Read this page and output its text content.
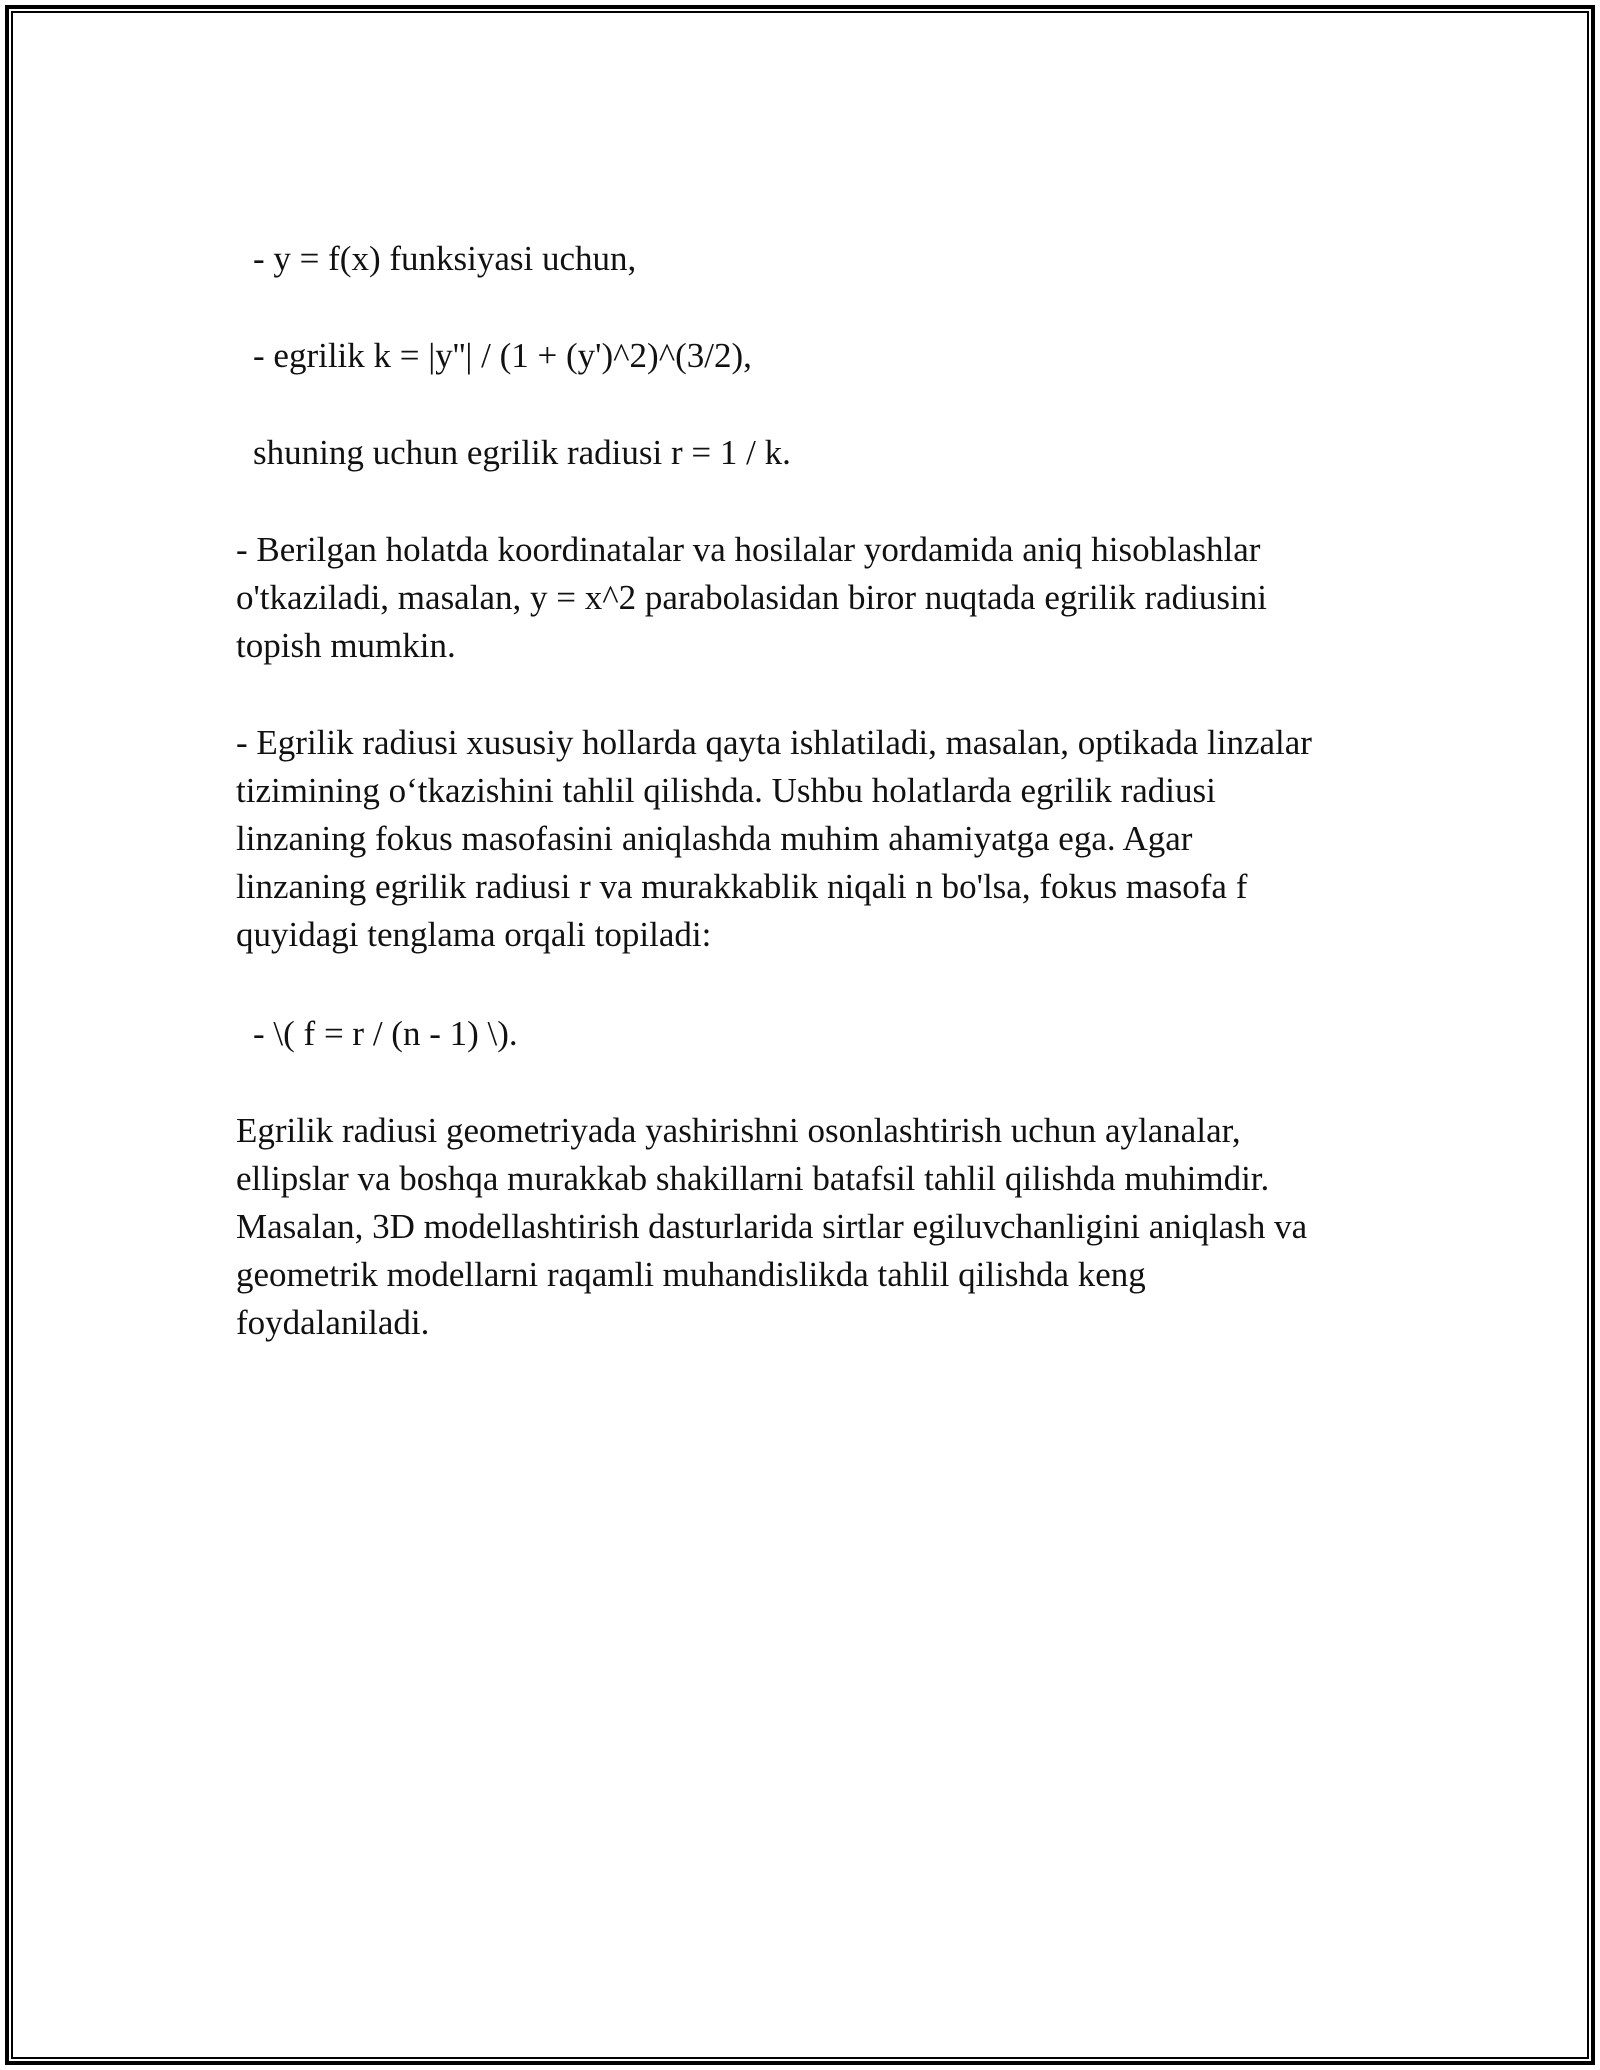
- y = f(x) funksiyasi uchun,
- egrilik k = |y''| / (1 + (y')^2)^(3/2),
shuning uchun egrilik radiusi r = 1 / k.
- Berilgan holatda koordinatalar va hosilalar yordamida aniq hisoblashlar
o'tkaziladi, masalan, y = x^2 parabolasidan biror nuqtada egrilik radiusini
topish mumkin.
- Egrilik radiusi xususiy hollarda qayta ishlatiladi, masalan, optikada linzalar
tizimining o‘tkazishini tahlil qilishda. Ushbu holatlarda egrilik radiusi
linzaning fokus masofasini aniqlashda muhim ahamiyatga ega. Agar
linzaning egrilik radiusi r va murakkablik niqali n bo'lsa, fokus masofa f
quyidagi tenglama orqali topiladi:
- \( f = r / (n - 1) \).
Egrilik radiusi geometriyada yashirishni osonlashtirish uchun aylanalar,
ellipslar va boshqa murakkab shakillarni batafsil tahlil qilishda muhimdir.
Masalan, 3D modellashtirish dasturlarida sirtlar egiluvchanligini aniqlash va
geometrik modellarni raqamli muhandislikda tahlil qilishda keng
foydalaniladi.
